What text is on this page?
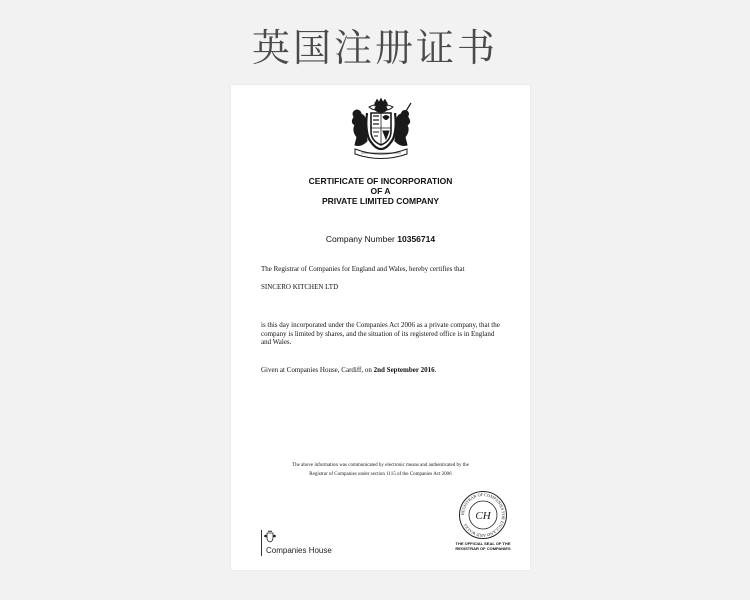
英国注册证书
CERTIFICATE OF INCORPORATION
OF A
PRIVATE LIMITED COMPANY
Company Number 10356714
The Registrar of Companies for England and Wales, hereby certifies that
SINCERO KITCHEN LTD
is this day incorporated under the Companies Act 2006 as a private company, that the company is limited by shares, and the situation of its registered office is in England and Wales.
Given at Companies House, Cardiff, on 2nd September 2016.
The above information was communicated by electronic means and authenticated by the
Registrar of Companies under section 1115 of the Companies Act 2006
Companies House
REGISTRAR OF COMPANIES FOR ENGLAND AND WALES
CH
THE OFFICIAL SEAL OF THE
REGISTRAR OF COMPANIES
